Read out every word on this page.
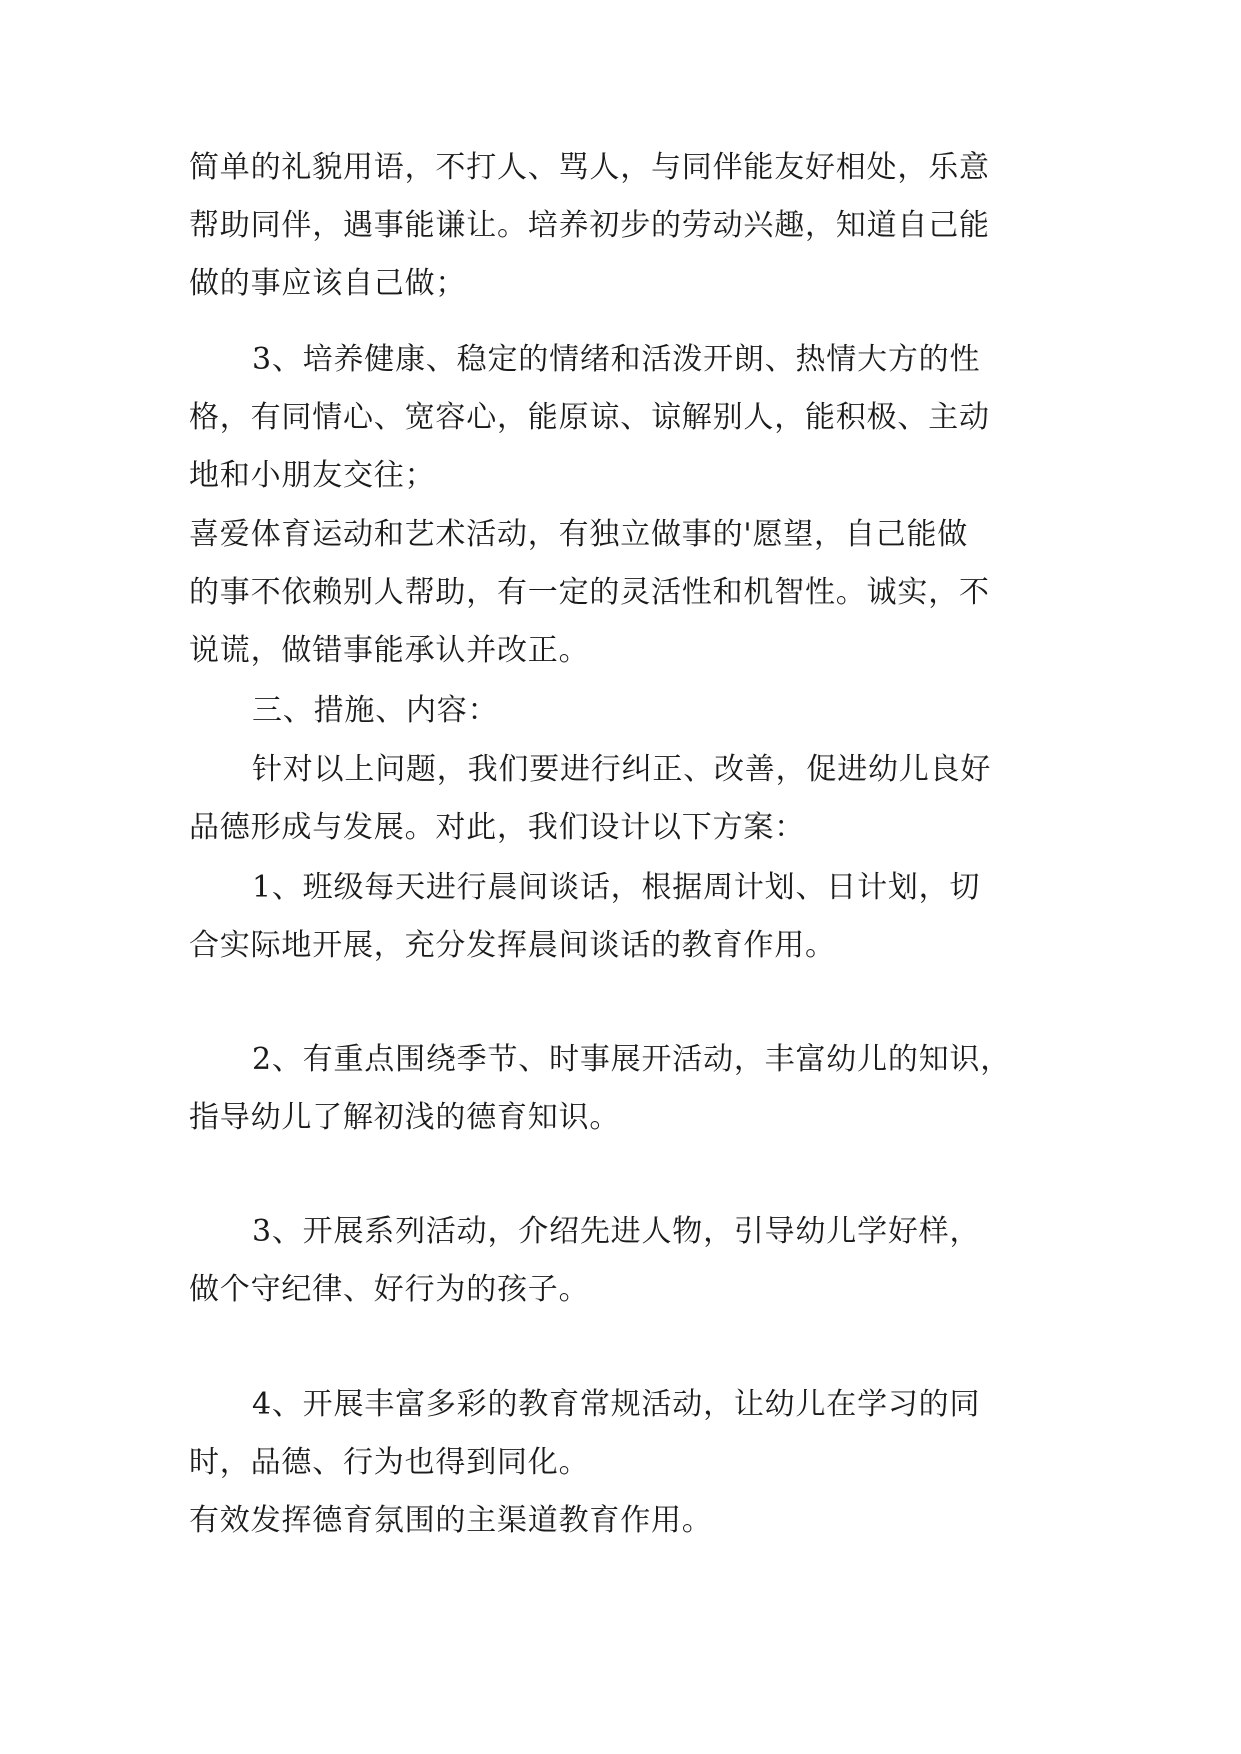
简单的礼貌用语，不打人、骂人，与同伴能友好相处，乐意
帮助同伴，遇事能谦让。培养初步的劳动兴趣，知道自己能
做的事应该自己做；
3、培养健康、稳定的情绪和活泼开朗、热情大方的性
格，有同情心、宽容心，能原谅、谅解别人，能积极、主动
地和小朋友交往；
喜爱体育运动和艺术活动，有独立做事的'愿望，自己能做
的事不依赖别人帮助，有一定的灵活性和机智性。诚实，不
说谎，做错事能承认并改正。
三、措施、内容：
针对以上问题，我们要进行纠正、改善，促进幼儿良好
品德形成与发展。对此，我们设计以下方案：
1、班级每天进行晨间谈话，根据周计划、日计划，切
合实际地开展，充分发挥晨间谈话的教育作用。
2、有重点围绕季节、时事展开活动，丰富幼儿的知识，
指导幼儿了解初浅的德育知识。
3、开展系列活动，介绍先进人物，引导幼儿学好样，
做个守纪律、好行为的孩子。
4、开展丰富多彩的教育常规活动，让幼儿在学习的同
时，品德、行为也得到同化。
有效发挥德育氛围的主渠道教育作用。
